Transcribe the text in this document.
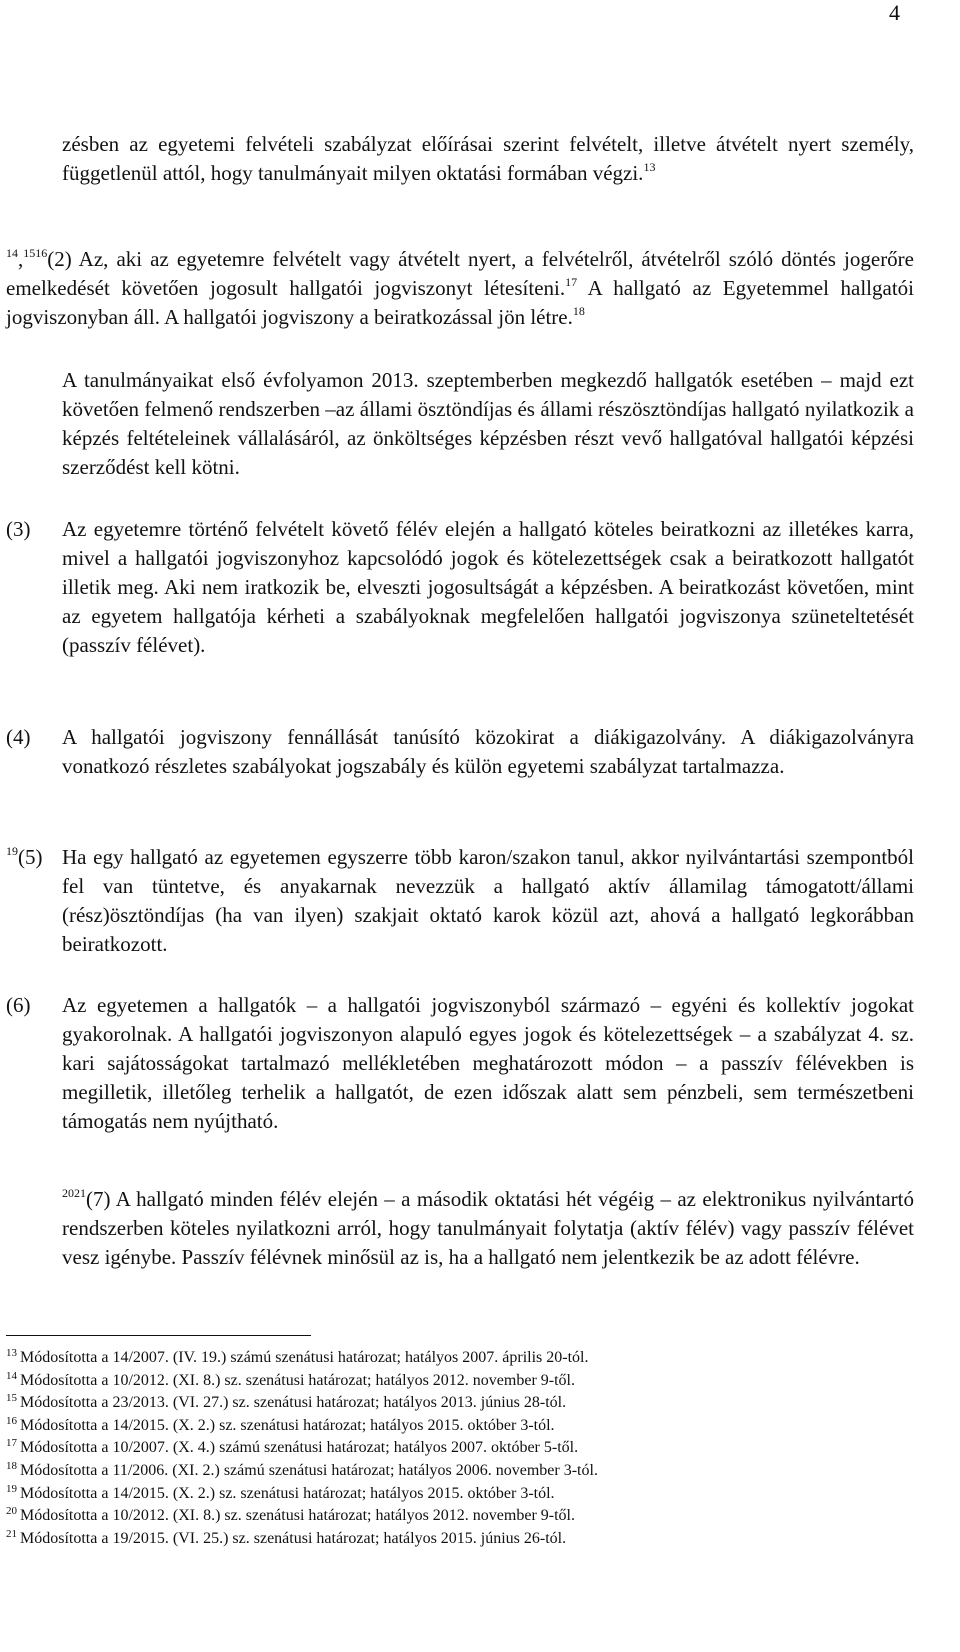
4
zésben az egyetemi felvételi szabályzat előírásai szerint felvételt, illetve átvételt nyert személy, függetlenül attól, hogy tanulmányait milyen oktatási formában végzi.$^{13}$
$^{14}$,$^{1516}$(2) Az, aki az egyetemre felvételt vagy átvételt nyert, a felvételről, átvételről szóló döntés jogerőre emelkedését követően jogosult hallgatói jogviszonyt létesíteni.$^{17}$ A hallgató az Egyetemmel hallgatói jogviszonyban áll. A hallgatói jogviszony a beiratkozással jön létre.$^{18}$
A tanulmányaikat első évfolyamon 2013. szeptemberben megkezdő hallgatók esetében – majd ezt követően felmenő rendszerben –az állami ösztöndíjas és állami részösztöndíjas hallgató nyilatkozik a képzés feltételeinek vállalásáról, az önköltséges képzésben részt vevő hallgatóval hallgatói képzési szerződést kell kötni.
(3) Az egyetemre történő felvételt követő félév elején a hallgató köteles beiratkozni az illetékes karra, mivel a hallgatói jogviszonyhoz kapcsolódó jogok és kötelezettségek csak a beiratkozott hallgatót illetik meg. Aki nem iratkozik be, elveszti jogosultságát a képzésben. A beiratkozást követően, mint az egyetem hallgatója kérheti a szabályoknak megfelelően hallgatói jogviszonya szüneteltetését (passzív félévet).
(4) A hallgatói jogviszony fennállását tanúsító közokirat a diákigazolvány. A diákigazolványra vonatkozó részletes szabályokat jogszabály és külön egyetemi szabályzat tartalmazza.
$^{19}$(5) Ha egy hallgató az egyetemen egyszerre több karon/szakon tanul, akkor nyilvántartási szempontból fel van tüntetve, és anyakarnak nevezzük a hallgató aktív államilag támogatott/állami (rész)ösztöndíjas (ha van ilyen) szakjait oktató karok közül azt, ahová a hallgató legkorábban beiratkozott.
(6) Az egyetemen a hallgatók – a hallgatói jogviszonyból származó – egyéni és kollektív jogokat gyakorolnak. A hallgatói jogviszonyon alapuló egyes jogok és kötelezettségek – a szabályzat 4. sz. kari sajátosságokat tartalmazó mellékletében meghatározott módon – a passzív félévekben is megilletik, illetőleg terhelik a hallgatót, de ezen időszak alatt sem pénzbeli, sem természetbeni támogatás nem nyújtható.
$^{2021}$(7) A hallgató minden félév elején – a második oktatási hét végéig – az elektronikus nyilvántartó rendszerben köteles nyilatkozni arról, hogy tanulmányait folytatja (aktív félév) vagy passzív félévet vesz igénybe. Passzív félévnek minősül az is, ha a hallgató nem jelentkezik be az adott félévre.
$^{13}$ Módosította a 14/2007. (IV. 19.) számú szenátusi határozat; hatályos 2007. április 20-tól.
$^{14}$ Módosította a 10/2012. (XI. 8.) sz. szenátusi határozat; hatályos 2012. november 9-től.
$^{15}$ Módosította a 23/2013. (VI. 27.) sz. szenátusi határozat; hatályos 2013. június 28-tól.
$^{16}$ Módosította a 14/2015. (X. 2.) sz. szenátusi határozat; hatályos 2015. október 3-tól.
$^{17}$ Módosította a 10/2007. (X. 4.) számú szenátusi határozat; hatályos 2007. október 5-től.
$^{18}$ Módosította a 11/2006. (XI. 2.) számú szenátusi határozat; hatályos 2006. november 3-tól.
$^{19}$ Módosította a 14/2015. (X. 2.) sz. szenátusi határozat; hatályos 2015. október 3-tól.
$^{20}$ Módosította a 10/2012. (XI. 8.) sz. szenátusi határozat; hatályos 2012. november 9-től.
$^{21}$ Módosította a 19/2015. (VI. 25.) sz. szenátusi határozat; hatályos 2015. június 26-tól.
